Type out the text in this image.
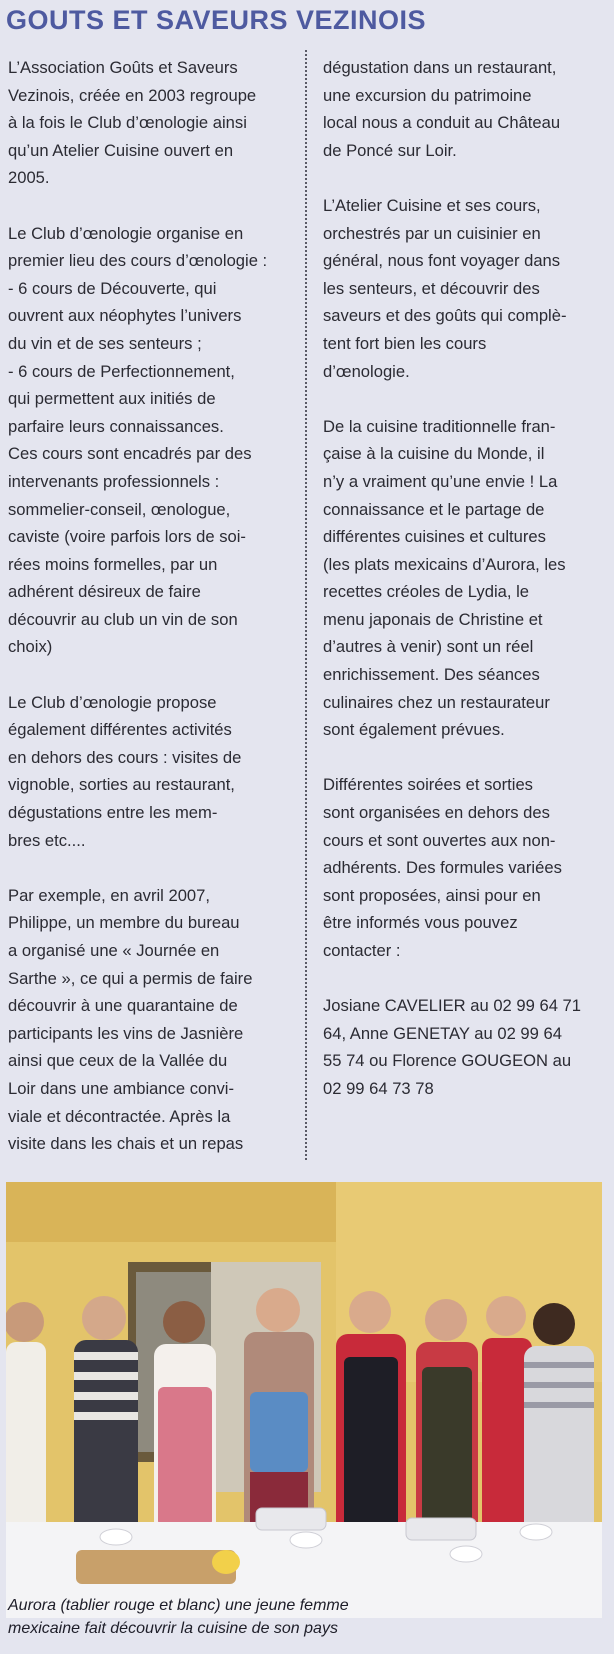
GOUTS ET SAVEURS VEZINOIS

L’Association Goûts et Saveurs
Vezinois, créée en 2003 regroupe
à la fois le Club d’œnologie ainsi
qu’un Atelier Cuisine ouvert en
2005.

Le Club d’œnologie organise en
premier lieu des cours d’œnologie :
- 6 cours de Découverte, qui
ouvrent aux néophytes l’univers
du vin et de ses senteurs ;
- 6 cours de Perfectionnement,
qui permettent aux initiés de
parfaire leurs connaissances.
Ces cours sont encadrés par des
intervenants professionnels :
sommelier-conseil, œnologue,
caviste (voire parfois lors de soi-
rées moins formelles, par un
adhérent désireux de faire
découvrir au club un vin de son
choix)

Le Club d’œnologie propose
également différentes activités
en dehors des cours : visites de
vignoble, sorties au restaurant,
dégustations entre les mem-
bres etc....

Par exemple, en avril 2007,
Philippe, un membre du bureau
a organisé une « Journée en
Sarthe », ce qui a permis de faire
découvrir à une quarantaine de
participants les vins de Jasnière
ainsi que ceux de la Vallée du
Loir dans une ambiance convi-
viale et décontractée. Après la
visite dans les chais et un repas

dégustation dans un restaurant,
une excursion du patrimoine
local nous a conduit au Château
de Poncé sur Loir.

L’Atelier Cuisine et ses cours,
orchestrés par un cuisinier en
général, nous font voyager dans
les senteurs, et découvrir des
saveurs et des goûts qui complè-
tent fort bien les cours
d’œnologie.

De la cuisine traditionnelle fran-
çaise à la cuisine du Monde, il
n’y a vraiment qu’une envie ! La
connaissance et le partage de
différentes cuisines et cultures
(les plats mexicains d’Aurora, les
recettes créoles de Lydia, le
menu japonais de Christine et
d’autres à venir) sont un réel
enrichissement. Des séances
culinaires chez un restaurateur
sont également prévues.

Différentes soirées et sorties
sont organisées en dehors des
cours et sont ouvertes aux non-
adhérents. Des formules variées
sont proposées, ainsi pour en
être informés vous pouvez
contacter :

Josiane CAVELIER au 02 99 64 71
64, Anne GENETAY au 02 99 64
55 74 ou Florence GOUGEON au
02 99 64 73 78

Aurora (tablier rouge et blanc) une jeune femme
mexicaine fait découvrir la cuisine de son pays
